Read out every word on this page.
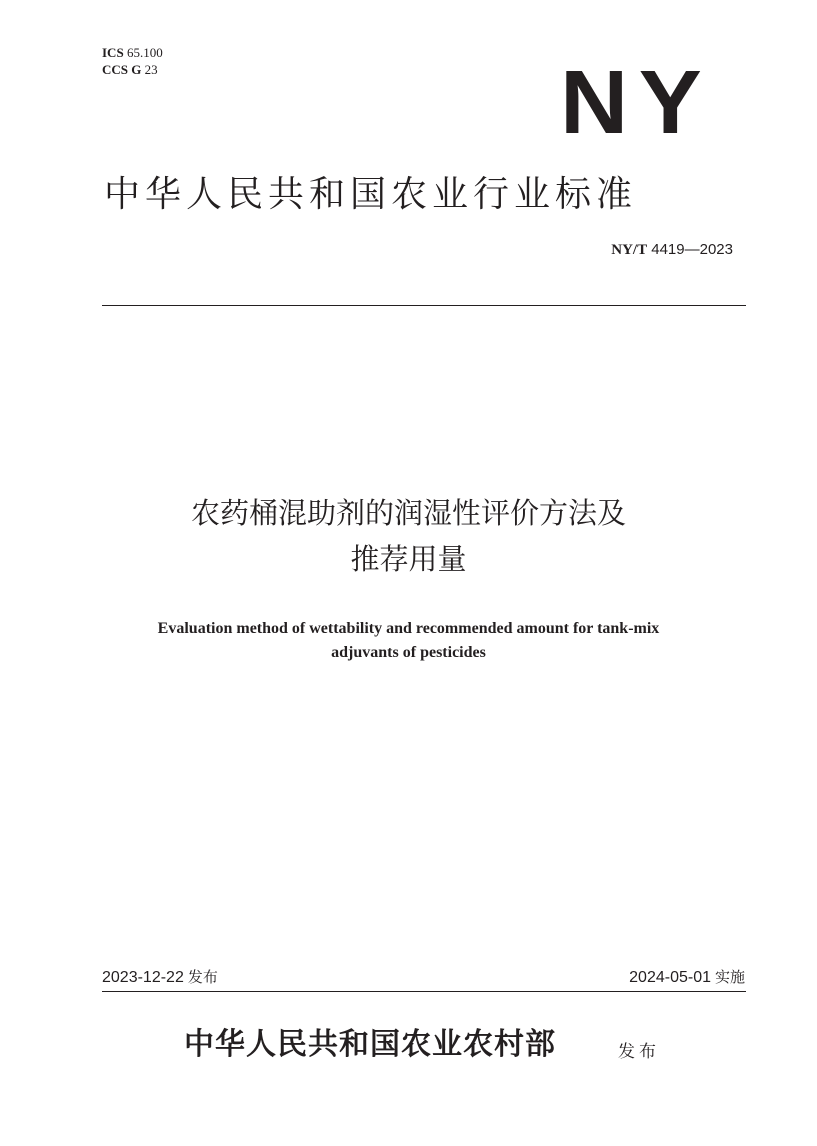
ICS 65.100
CCS G 23	NY
中华人民共和国农业行业标准
NY/T 4419—2023
农药桶混助剂的润湿性评价方法及
推荐用量
Evaluation method of wettability and recommended amount for tank-mix
adjuvants of pesticides
2023-12-22 发布	2024-05-01 实施
中华人民共和国农业农村部	发布
